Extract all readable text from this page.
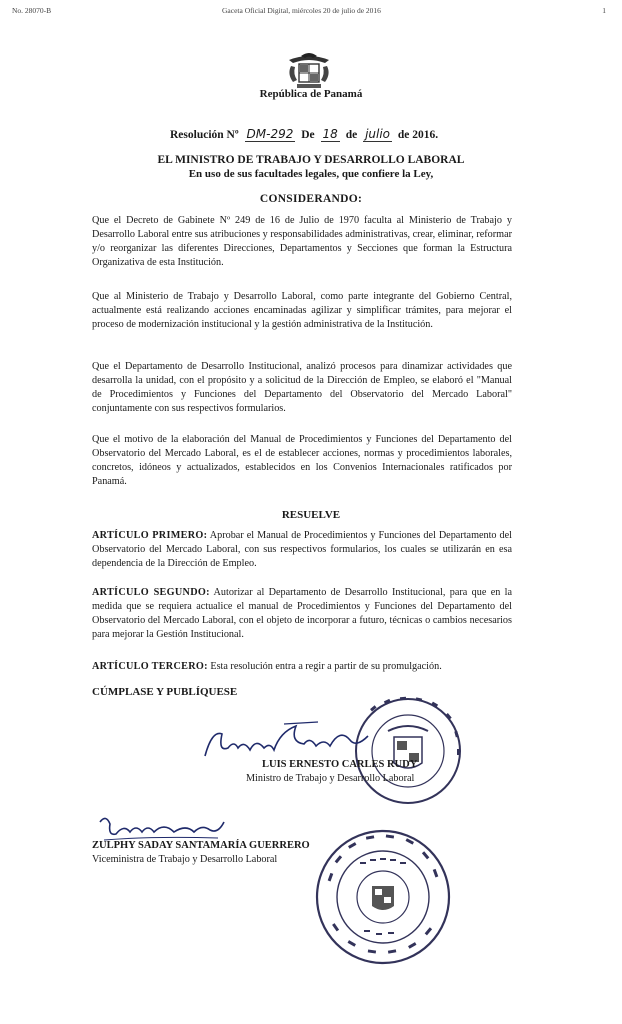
No. 28070-B	Gaceta Oficial Digital, miércoles 20 de julio de 2016	1
República de Panamá
Resolución Nº DM-292 De 18 de julio de 2016.
EL MINISTRO DE TRABAJO Y DESARROLLO LABORAL
En uso de sus facultades legales, que confiere la Ley,
CONSIDERANDO:
Que el Decreto de Gabinete Nº 249 de 16 de Julio de 1970 faculta al Ministerio de Trabajo y Desarrollo Laboral entre sus atribuciones y responsabilidades administrativas, crear, eliminar, reformar y/o reorganizar las diferentes Direcciones, Departamentos y Secciones que forman la Estructura Organizativa de esta Institución.
Que al Ministerio de Trabajo y Desarrollo Laboral, como parte integrante del Gobierno Central, actualmente está realizando acciones encaminadas agilizar y simplificar trámites, para mejorar el proceso de modernización institucional y la gestión administrativa de la Institución.
Que el Departamento de Desarrollo Institucional, analizó procesos para dinamizar actividades que desarrolla la unidad, con el propósito y a solicitud de la Dirección de Empleo, se elaboró el "Manual de Procedimientos y Funciones del Departamento del Observatorio del Mercado Laboral" conjuntamente con sus respectivos formularios.
Que el motivo de la elaboración del Manual de Procedimientos y Funciones del Departamento del Observatorio del Mercado Laboral, es el de establecer acciones, normas y procedimientos laborales, concretos, idóneos y actualizados, establecidos en los Convenios Internacionales ratificados por Panamá.
RESUELVE
ARTÍCULO PRIMERO: Aprobar el Manual de Procedimientos y Funciones del Departamento del Observatorio del Mercado Laboral, con sus respectivos formularios, los cuales se utilizarán en esa dependencia de la Dirección de Empleo.
ARTÍCULO SEGUNDO: Autorizar al Departamento de Desarrollo Institucional, para que en la medida que se requiera actualice el manual de Procedimientos y Funciones del Departamento del Observatorio del Mercado Laboral, con el objeto de incorporar a futuro, técnicas o cambios necesarios para mejorar la Gestión Institucional.
ARTÍCULO TERCERO: Esta resolución entra a regir a partir de su promulgación.
CÚMPLASE Y PUBLÍQUESE
LUIS ERNESTO CARLES RUDY
Ministro de Trabajo y Desarrollo Laboral
ZULPHY SADAY SANTAMARÍA GUERRERO
Viceministra de Trabajo y Desarrollo Laboral
